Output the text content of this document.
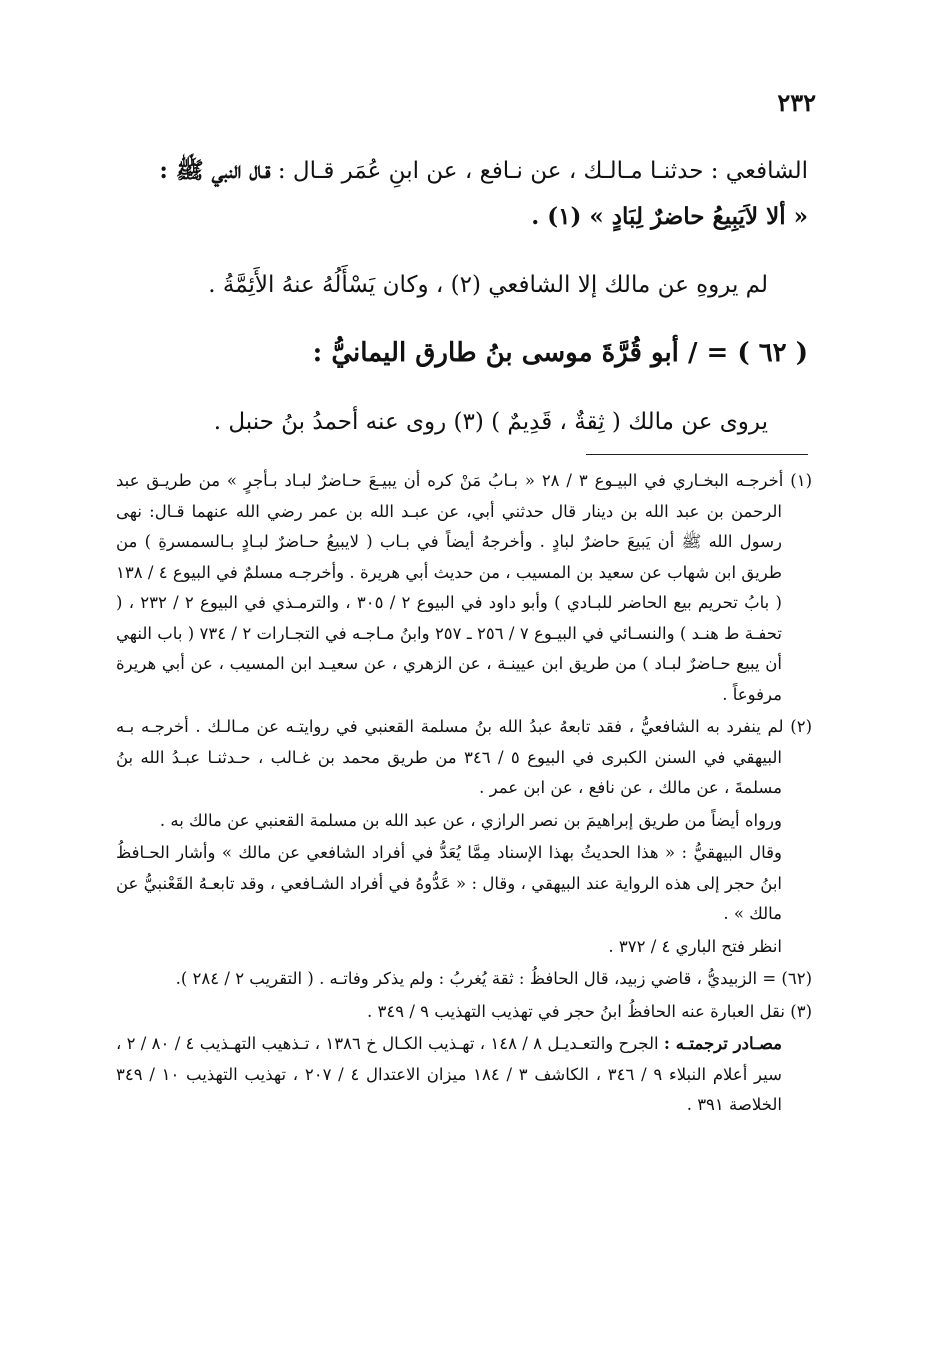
٢٣٢

الشافعي : حدثنـا مـالـك ، عن نـافع ، عن ابنِ عُمَر قـال : قـال النبي ﷺ :

« ألا لاَيَبِيعُ حاضرٌ لِبَادٍ » (١) .

لم يروهِ عن مالك إلا الشافعي (٢) ، وكان يَسْأَلُهُ عنهُ الأَئِمَّةُ .

( ٦٢ ) = / أبو قُرَّةَ موسى بنُ طارق اليمانيُّ :

يروى عن مالك ( ثِقةٌ ، قَدِيمٌ ) (٣) روى عنه أحمدُ بنُ حنبل .

(١) أخرجـه البخـاري في البيـوع ٣ / ٢٨ « بـابُ مَنْ كره أن يبيـعَ حـاضرٌ لبـاد بـأجرٍ » من طريـق عبد الرحمن بن عبد الله بن دينار قال حدثني أبي، عن عبـد الله بن عمر رضي الله عنهما قـال: نهى رسول الله ﷺ أن يَبيعَ حاضرٌ لبادٍ . وأخرجهُ أيضاً في بـاب ( لايبيعُ حـاضرٌ لبـادٍ بـالسمسرةِ ) من طريق ابن شهاب عن سعيد بن المسيب ، من حديث أبي هريرة . وأخرجـه مسلمٌ في البيوع ٤ / ١٣٨ ( بابُ تحريم بيع الحاضر للبـادي ) وأبو داود في البيوع ٢ / ٣٠٥ ، والترمـذي في البيوع ٢ / ٢٣٢ ، ( تحفـة ط هنـد ) والنسـائي في البيـوع ٧ / ٢٥٦ ـ ٢٥٧ وابنُ مـاجـه في التجـارات ٢ / ٧٣٤ ( باب النهي أن يبيع حـاضرٌ لبـاد ) من طريق ابن عيينـة ، عن الزهري ، عن سعيـد ابن المسيب ، عن أبي هريرة مرفوعاً .

(٢) لم ينفرد به الشافعيُّ ، فقد تابعهُ عبدُ الله بنُ مسلمة القعنبي في روايتـه عن مـالـك . أخرجـه بـه البيهقي في السنن الكبرى في البيوع ٥ / ٣٤٦ من طريق محمد بن غـالب ، حـدثنـا عبـدُ الله بنُ مسلمةَ ، عن مالك ، عن نافع ، عن ابن عمر .

ورواه أيضاً من طريق إبراهيمَ بن نصر الرازي ، عن عبد الله بن مسلمة القعنبي عن مالك به .

وقال البيهقيُّ : « هذا الحديثُ بهذا الإسناد مِمَّا يُعَدُّ في أفراد الشافعي عن مالك » وأشار الحـافظُ ابنُ حجر إلى هذه الرواية عند البيهقي ، وقال : « عَدُّوهُ في أفراد الشـافعي ، وقد تابعـهُ القَعْنبيُّ عن مالك » .

انظر فتح الباري ٤ / ٣٧٢ .

(٦٢) = الزبيديُّ ، قاضي زبيد، قال الحافظُ : ثقة يُغربُ : ولم يذكر وفاتـه . ( التقريب ٢ / ٢٨٤ ).

(٣) نقل العبارة عنه الحافظُ ابنُ حجر في تهذيب التهذيب ٩ / ٣٤٩ .

مصـادر ترجمتـه : الجرح والتعـديـل ٨ / ١٤٨ ، تهـذيب الكـال خ ١٣٨٦ ، تـذهيب التهـذيب ٤ / ٨٠ / ٢ ، سير أعلام النبلاء ٩ / ٣٤٦ ، الكاشف ٣ / ١٨٤ ميزان الاعتدال ٤ / ٢٠٧ ، تهذيب التهذيب ١٠ / ٣٤٩ الخلاصة ٣٩١ .
